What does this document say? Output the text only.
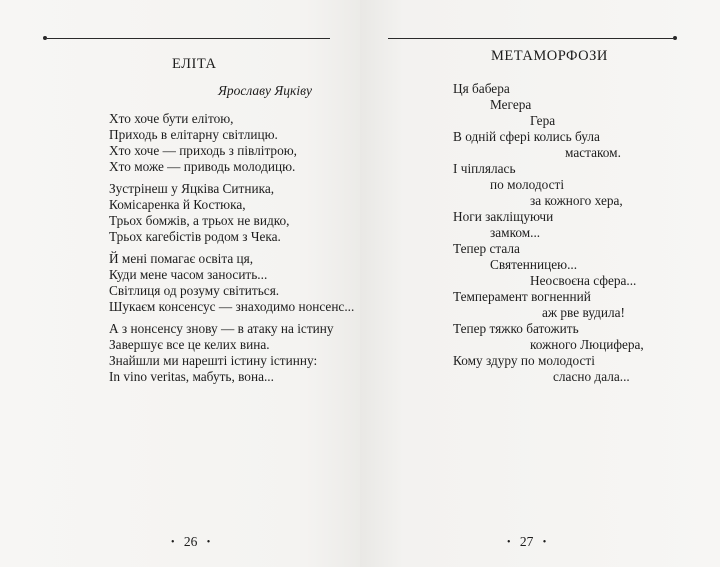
ЕЛІТА
Ярославу Яцківу
Хто хоче бути елітою,
Приходь в елітарну світлицю.
Хто хоче — приходь з півлітрою,
Хто може — приводь молодицю.
Зустрінеш у Яцківа Ситника,
Комісаренка й Костюка,
Трьох бомжів, а трьох не видко,
Трьох кагебістів родом з Чека.
Й мені помагає освіта ця,
Куди мене часом заносить...
Світлиця од розуму світиться.
Шукаєм консенсус — знаходимо нонсенс...
А з нонсенсу знову — в атаку на істину
Завершує все це келих вина.
Знайшли ми нарешті істину істинну:
In vino veritas, мабуть, вона...
• 26 •
МЕТАМОРФОЗИ
Ця бабера
Мегера
Гера
В одній сфері колись була
мастаком.
І чіплялась
по молодості
за кожного хера,
Ноги закліщуючи
замком...
Тепер стала
Святенницею...
Неосвоєна сфера...
Темперамент вогненний
аж рве вудила!
Тепер тяжко батожить
кожного Люцифера,
Кому здуру по молодості
сласно дала...
• 27 •
